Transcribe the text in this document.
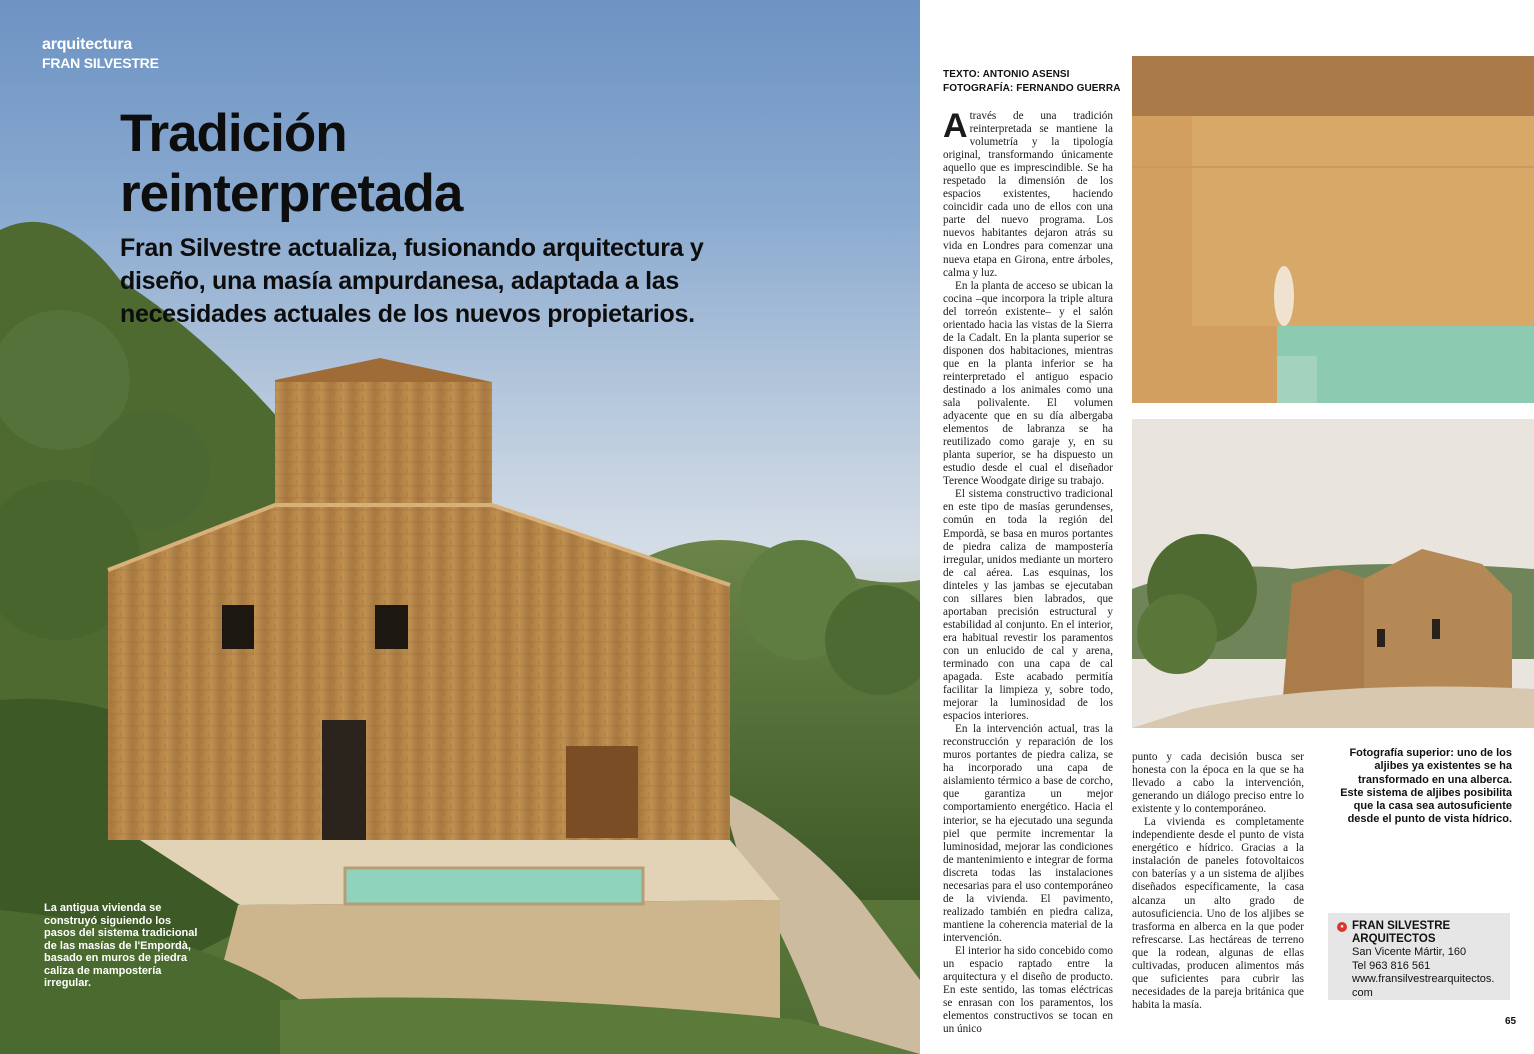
arquitectura
FRAN SILVESTRE
Tradición
reinterpretada
Fran Silvestre actualiza, fusionando arquitectura y diseño, una masía ampurdanesa, adaptada a las necesidades actuales de los nuevos propietarios.
La antigua vivienda se construyó siguiendo los pasos del sistema tradicional de las masías de l'Empordà, basado en muros de piedra caliza de mampostería irregular.
TEXTO: ANTONIO ASENSI
FOTOGRAFÍA: FERNANDO GUERRA

Através de una tradición reinterpretada se mantiene la volumetría y la tipología original, transformando únicamente aquello que es imprescindible. Se ha respetado la dimensión de los espacios existentes, haciendo coincidir cada uno de ellos con una parte del nuevo programa. Los nuevos habitantes dejaron atrás su vida en Londres para comenzar una nueva etapa en Girona, entre árboles, calma y luz.

En la planta de acceso se ubican la cocina –que incorpora la triple altura del torreón existente– y el salón orientado hacia las vistas de la Sierra de la Cadalt. En la planta superior se disponen dos habitaciones, mientras que en la planta inferior se ha reinterpretado el antiguo espacio destinado a los animales como una sala polivalente. El volumen adyacente que en su día albergaba elementos de labranza se ha reutilizado como garaje y, en su planta superior, se ha dispuesto un estudio desde el cual el diseñador Terence Woodgate dirige su trabajo.

El sistema constructivo tradicional en este tipo de masías gerundenses, común en toda la región del Empordà, se basa en muros portantes de piedra caliza de mampostería irregular, unidos mediante un mortero de cal aérea. Las esquinas, los dinteles y las jambas se ejecutaban con sillares bien labrados, que aportaban precisión estructural y estabilidad al conjunto. En el interior, era habitual revestir los paramentos con un enlucido de cal y arena, terminado con una capa de cal apagada. Este acabado permitía facilitar la limpieza y, sobre todo, mejorar la luminosidad de los espacios interiores.

En la intervención actual, tras la reconstrucción y reparación de los muros portantes de piedra caliza, se ha incorporado una capa de aislamiento térmico a base de corcho, que garantiza un mejor comportamiento energético. Hacia el interior, se ha ejecutado una segunda piel que permite incrementar la luminosidad, mejorar las condiciones de mantenimiento e integrar de forma discreta todas las instalaciones necesarias para el uso contemporáneo de la vivienda. El pavimento, realizado también en piedra caliza, mantiene la coherencia material de la intervención.

El interior ha sido concebido como un espacio raptado entre la arquitectura y el diseño de producto. En este sentido, las tomas eléctricas se enrasan con los paramentos, los elementos constructivos se tocan en un único

punto y cada decisión busca ser honesta con la época en la que se ha llevado a cabo la intervención, generando un diálogo preciso entre lo existente y lo contemporáneo.

La vivienda es completamente independiente desde el punto de vista energético e hídrico. Gracias a la instalación de paneles fotovoltaicos con baterías y a un sistema de aljibes diseñados específicamente, la casa alcanza un alto grado de autosuficiencia. Uno de los aljibes se trasforma en alberca en la que poder refrescarse. Las hectáreas de terreno que la rodean, algunas de ellas cultivadas, producen alimentos más que suficientes para cubrir las necesidades de la pareja británica que habita la masía.

Fotografía superior: uno de los aljibes ya existentes se ha transformado en una alberca. Este sistema de aljibes posibilita que la casa sea autosuficiente desde el punto de vista hídrico.
● FRAN SILVESTRE ARQUITECTOS
San Vicente Mártir, 160
Tel 963 816 561
www.fransilvestrearquitectos.
com
65
